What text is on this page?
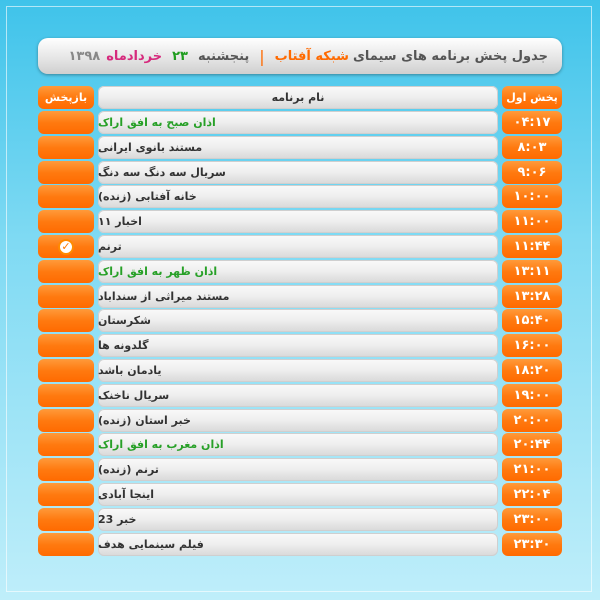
جدول پخش برنامه های سیمای
شبکه آفتاب
|
پنجشنبه
۲۳
خردادماه
۱۳۹۸
بازپخش	نام برنامه	پخش اول
اذان صبح به افق اراک	۰۴:۱۷
مستند بانوی ایرانی	۸:۰۳
سریال سه دنگ سه دنگ	۹:۰۶
خانه آفتابی (زنده)	۱۰:۰۰
اخبار ۱۱	۱۱:۰۰
✓	ترنم	۱۱:۴۴
اذان ظهر به افق اراک	۱۳:۱۱
مستند میراثی از سنداباد	۱۳:۲۸
شکرستان	۱۵:۴۰
گلدونه ها	۱۶:۰۰
یادمان باشد	۱۸:۲۰
سریال ناخنک	۱۹:۰۰
خبر استان (زنده)	۲۰:۰۰
اذان مغرب به افق اراک	۲۰:۴۴
ترنم (زنده)	۲۱:۰۰
اینجا آبادی	۲۲:۰۴
خبر 23	۲۳:۰۰
فیلم سینمایی هدف	۲۳:۳۰
